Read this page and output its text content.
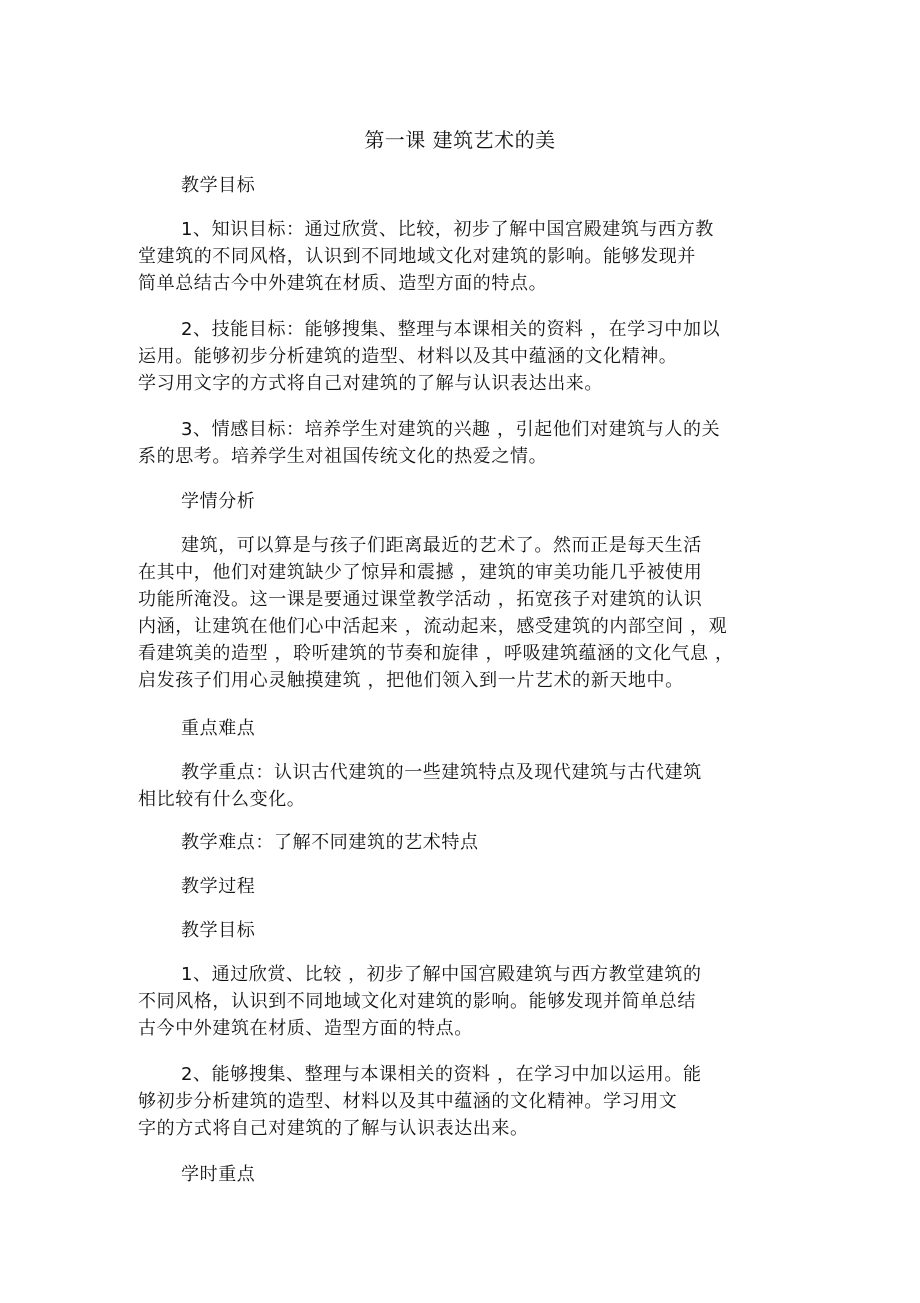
第一课 建筑艺术的美
教学目标
1、知识目标：通过欣赏、比较，初步了解中国宫殿建筑与西方教
堂建筑的不同风格，认识到不同地域文化对建筑的影响。能够发现并
简单总结古今中外建筑在材质、造型方面的特点。
2、技能目标：能够搜集、整理与本课相关的资料 ，在学习中加以
运用。能够初步分析建筑的造型、材料以及其中蕴涵的文化精神。
学习用文字的方式将自己对建筑的了解与认识表达出来。
3、情感目标：培养学生对建筑的兴趣 ，引起他们对建筑与人的关
系的思考。培养学生对祖国传统文化的热爱之情。
学情分析
建筑，可以算是与孩子们距离最近的艺术了。然而正是每天生活
在其中，他们对建筑缺少了惊异和震撼 ，建筑的审美功能几乎被使用
功能所淹没。这一课是要通过课堂教学活动 ，拓宽孩子对建筑的认识
内涵，让建筑在他们心中活起来 ，流动起来，感受建筑的内部空间 ，观
看建筑美的造型 ，聆听建筑的节奏和旋律 ，呼吸建筑蕴涵的文化气息 ，
启发孩子们用心灵触摸建筑 ，把他们领入到一片艺术的新天地中。
重点难点
教学重点：认识古代建筑的一些建筑特点及现代建筑与古代建筑
相比较有什么变化。
教学难点：了解不同建筑的艺术特点
教学过程
教学目标
1、通过欣赏、比较 ，初步了解中国宫殿建筑与西方教堂建筑的
不同风格，认识到不同地域文化对建筑的影响。能够发现并简单总结
古今中外建筑在材质、造型方面的特点。
2、能够搜集、整理与本课相关的资料 ，在学习中加以运用。能
够初步分析建筑的造型、材料以及其中蕴涵的文化精神。学习用文
字的方式将自己对建筑的了解与认识表达出来。
学时重点
